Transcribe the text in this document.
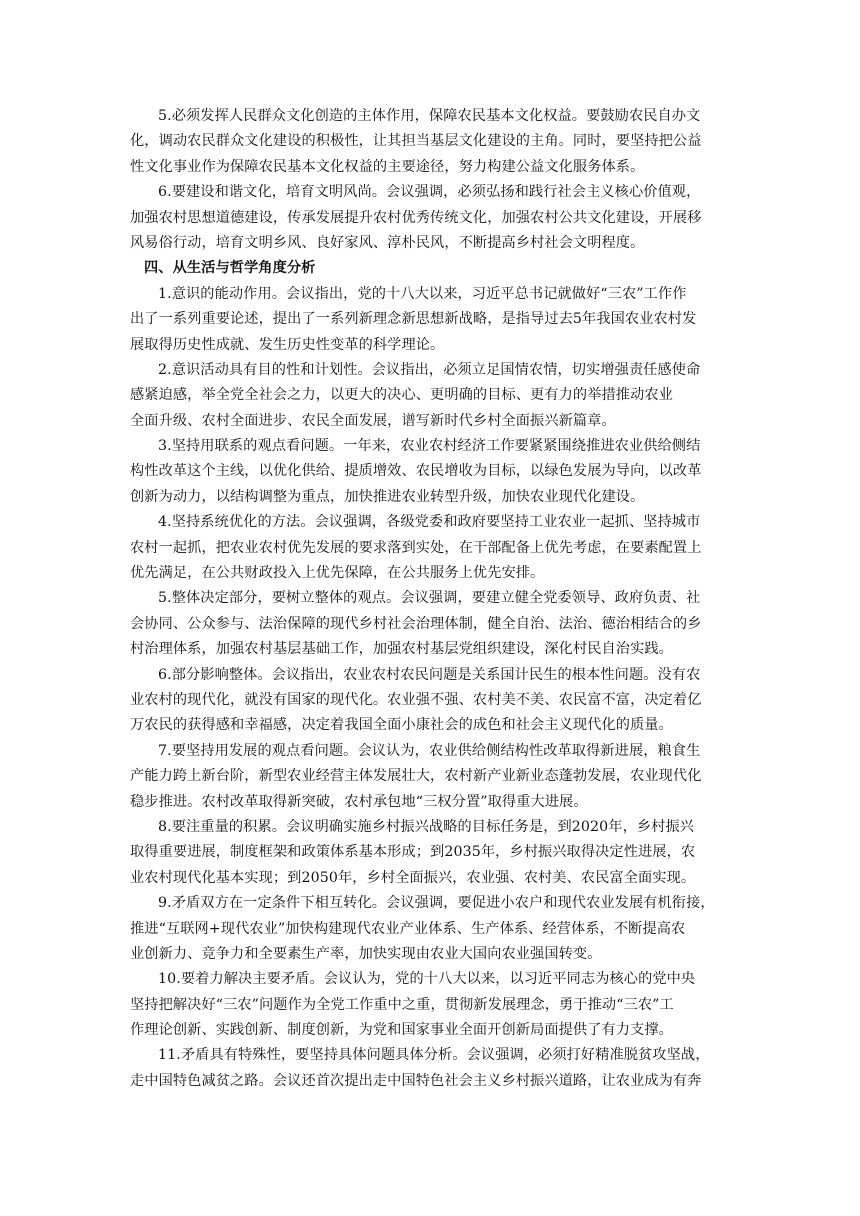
5.必须发挥人民群众文化创造的主体作用，保障农民基本文化权益。要鼓励农民自办文
化，调动农民群众文化建设的积极性，让其担当基层文化建设的主角。同时，要坚持把公益
性文化事业作为保障农民基本文化权益的主要途径，努力构建公益文化服务体系。
6.要建设和谐文化，培育文明风尚。会议强调，必须弘扬和践行社会主义核心价值观，
加强农村思想道德建设，传承发展提升农村优秀传统文化，加强农村公共文化建设，开展移
风易俗行动，培育文明乡风、良好家风、淳朴民风，不断提高乡村社会文明程度。
四、从生活与哲学角度分析
1.意识的能动作用。会议指出，党的十八大以来，习近平总书记就做好“三农”工作作
出了一系列重要论述，提出了一系列新理念新思想新战略，是指导过去5年我国农业农村发
展取得历史性成就、发生历史性变革的科学理论。
2.意识活动具有目的性和计划性。会议指出，必须立足国情农情，切实增强责任感使命
感紧迫感，举全党全社会之力，以更大的决心、更明确的目标、更有力的举措推动农业
全面升级、农村全面进步、农民全面发展，谱写新时代乡村全面振兴新篇章。
3.坚持用联系的观点看问题。一年来，农业农村经济工作要紧紧围绕推进农业供给侧结
构性改革这个主线，以优化供给、提质增效、农民增收为目标，以绿色发展为导向，以改革
创新为动力，以结构调整为重点，加快推进农业转型升级，加快农业现代化建设。
4.坚持系统优化的方法。会议强调，各级党委和政府要坚持工业农业一起抓、坚持城市
农村一起抓，把农业农村优先发展的要求落到实处，在干部配备上优先考虑，在要素配置上
优先满足，在公共财政投入上优先保障，在公共服务上优先安排。
5.整体决定部分，要树立整体的观点。会议强调，要建立健全党委领导、政府负责、社
会协同、公众参与、法治保障的现代乡村社会治理体制，健全自治、法治、德治相结合的乡
村治理体系，加强农村基层基础工作，加强农村基层党组织建设，深化村民自治实践。
6.部分影响整体。会议指出，农业农村农民问题是关系国计民生的根本性问题。没有农
业农村的现代化，就没有国家的现代化。农业强不强、农村美不美、农民富不富，决定着亿
万农民的获得感和幸福感，决定着我国全面小康社会的成色和社会主义现代化的质量。
7.要坚持用发展的观点看问题。会议认为，农业供给侧结构性改革取得新进展，粮食生
产能力跨上新台阶，新型农业经营主体发展壮大，农村新产业新业态蓬勃发展，农业现代化
稳步推进。农村改革取得新突破，农村承包地“三权分置”取得重大进展。
8.要注重量的积累。会议明确实施乡村振兴战略的目标任务是，到2020年，乡村振兴
取得重要进展，制度框架和政策体系基本形成；到2035年，乡村振兴取得决定性进展，农
业农村现代化基本实现；到2050年，乡村全面振兴，农业强、农村美、农民富全面实现。
9.矛盾双方在一定条件下相互转化。会议强调，要促进小农户和现代农业发展有机衔接，
推进“互联网+现代农业”加快构建现代农业产业体系、生产体系、经营体系，不断提高农
业创新力、竞争力和全要素生产率，加快实现由农业大国向农业强国转变。
10.要着力解决主要矛盾。会议认为，党的十八大以来，以习近平同志为核心的党中央
坚持把解决好“三农”问题作为全党工作重中之重，贯彻新发展理念，勇于推动“三农”工
作理论创新、实践创新、制度创新，为党和国家事业全面开创新局面提供了有力支撑。
11.矛盾具有特殊性，要坚持具体问题具体分析。会议强调，必须打好精准脱贫攻坚战，
走中国特色减贫之路。会议还首次提出走中国特色社会主义乡村振兴道路，让农业成为有奔
